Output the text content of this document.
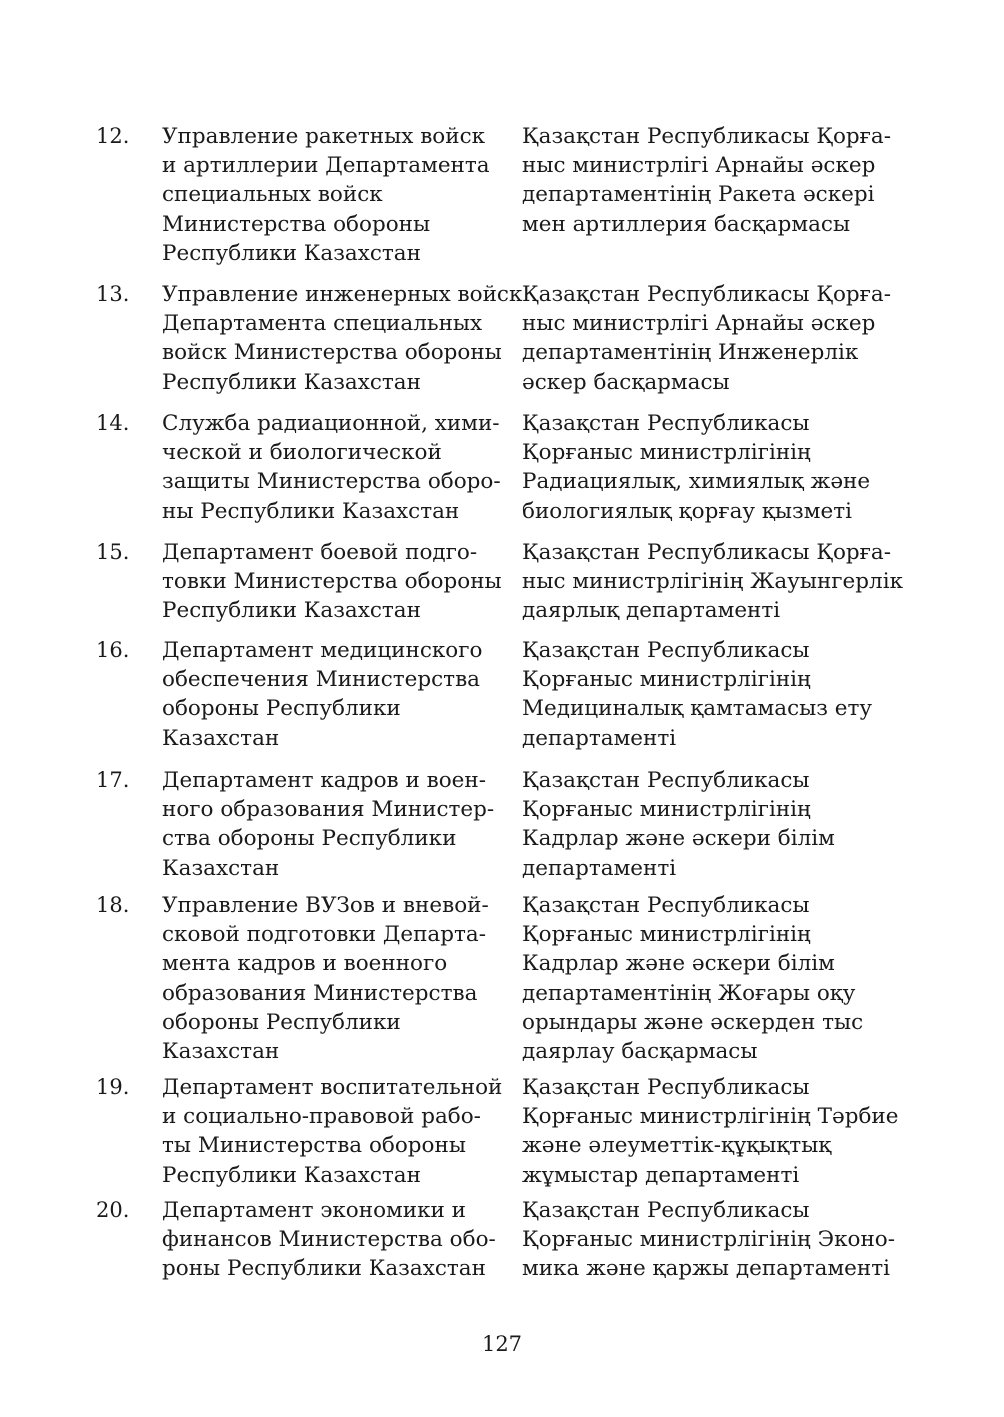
12. Управление ракетных войск
и артиллерии Департамента
специальных войск
Министерства обороны
Республики Казахстан
Қазақстан Республикасы Қорға-
ныс министрлігі Арнайы әскер
департаментінің Ракета әскері
мен артиллерия басқармасы
13. Управление инженерных войск
Департамента специальных
войск Министерства обороны
Республики Казахстан
Қазақстан Республикасы Қорға-
ныс министрлігі Арнайы әскер
департаментінің Инженерлік
әскер басқармасы
14. Служба радиационной, хими-
ческой и биологической
защиты Министерства оборо-
ны Республики Казахстан
Қазақстан Республикасы
Қорғаныс министрлігінің
Радиациялық, химиялық және
биологиялық қорғау қызметі
15. Департамент боевой подго-
товки Министерства обороны
Республики Казахстан
Қазақстан Республикасы Қорға-
ныс министрлігінің Жауынгерлік
даярлық департаменті
16. Департамент медицинского
обеспечения Министерства
обороны Республики
Казахстан
Қазақстан Республикасы
Қорғаныс министрлігінің
Медициналық қамтамасыз ету
департаменті
17. Департамент кадров и воен-
ного образования Министер-
ства обороны Республики
Казахстан
Қазақстан Республикасы
Қорғаныс министрлігінің
Кадрлар және әскери білім
департаменті
18. Управление ВУЗов и вневой-
сковой подготовки Департа-
мента кадров и военного
образования Министерства
обороны Республики
Казахстан
Қазақстан Республикасы
Қорғаныс министрлігінің
Кадрлар және әскери білім
департаментінің Жоғары оқу
орындары және әскерден тыс
даярлау басқармасы
19. Департамент воспитательной
и социально-правовой рабо-
ты Министерства обороны
Республики Казахстан
Қазақстан Республикасы
Қорғаныс министрлігінің Тәрбие
және әлеуметтік-құқықтық
жұмыстар департаменті
20. Департамент экономики и
финансов Министерства обо-
роны Республики Казахстан
Қазақстан Республикасы
Қорғаныс министрлігінің Эконо-
мика және қаржы департаменті
127
